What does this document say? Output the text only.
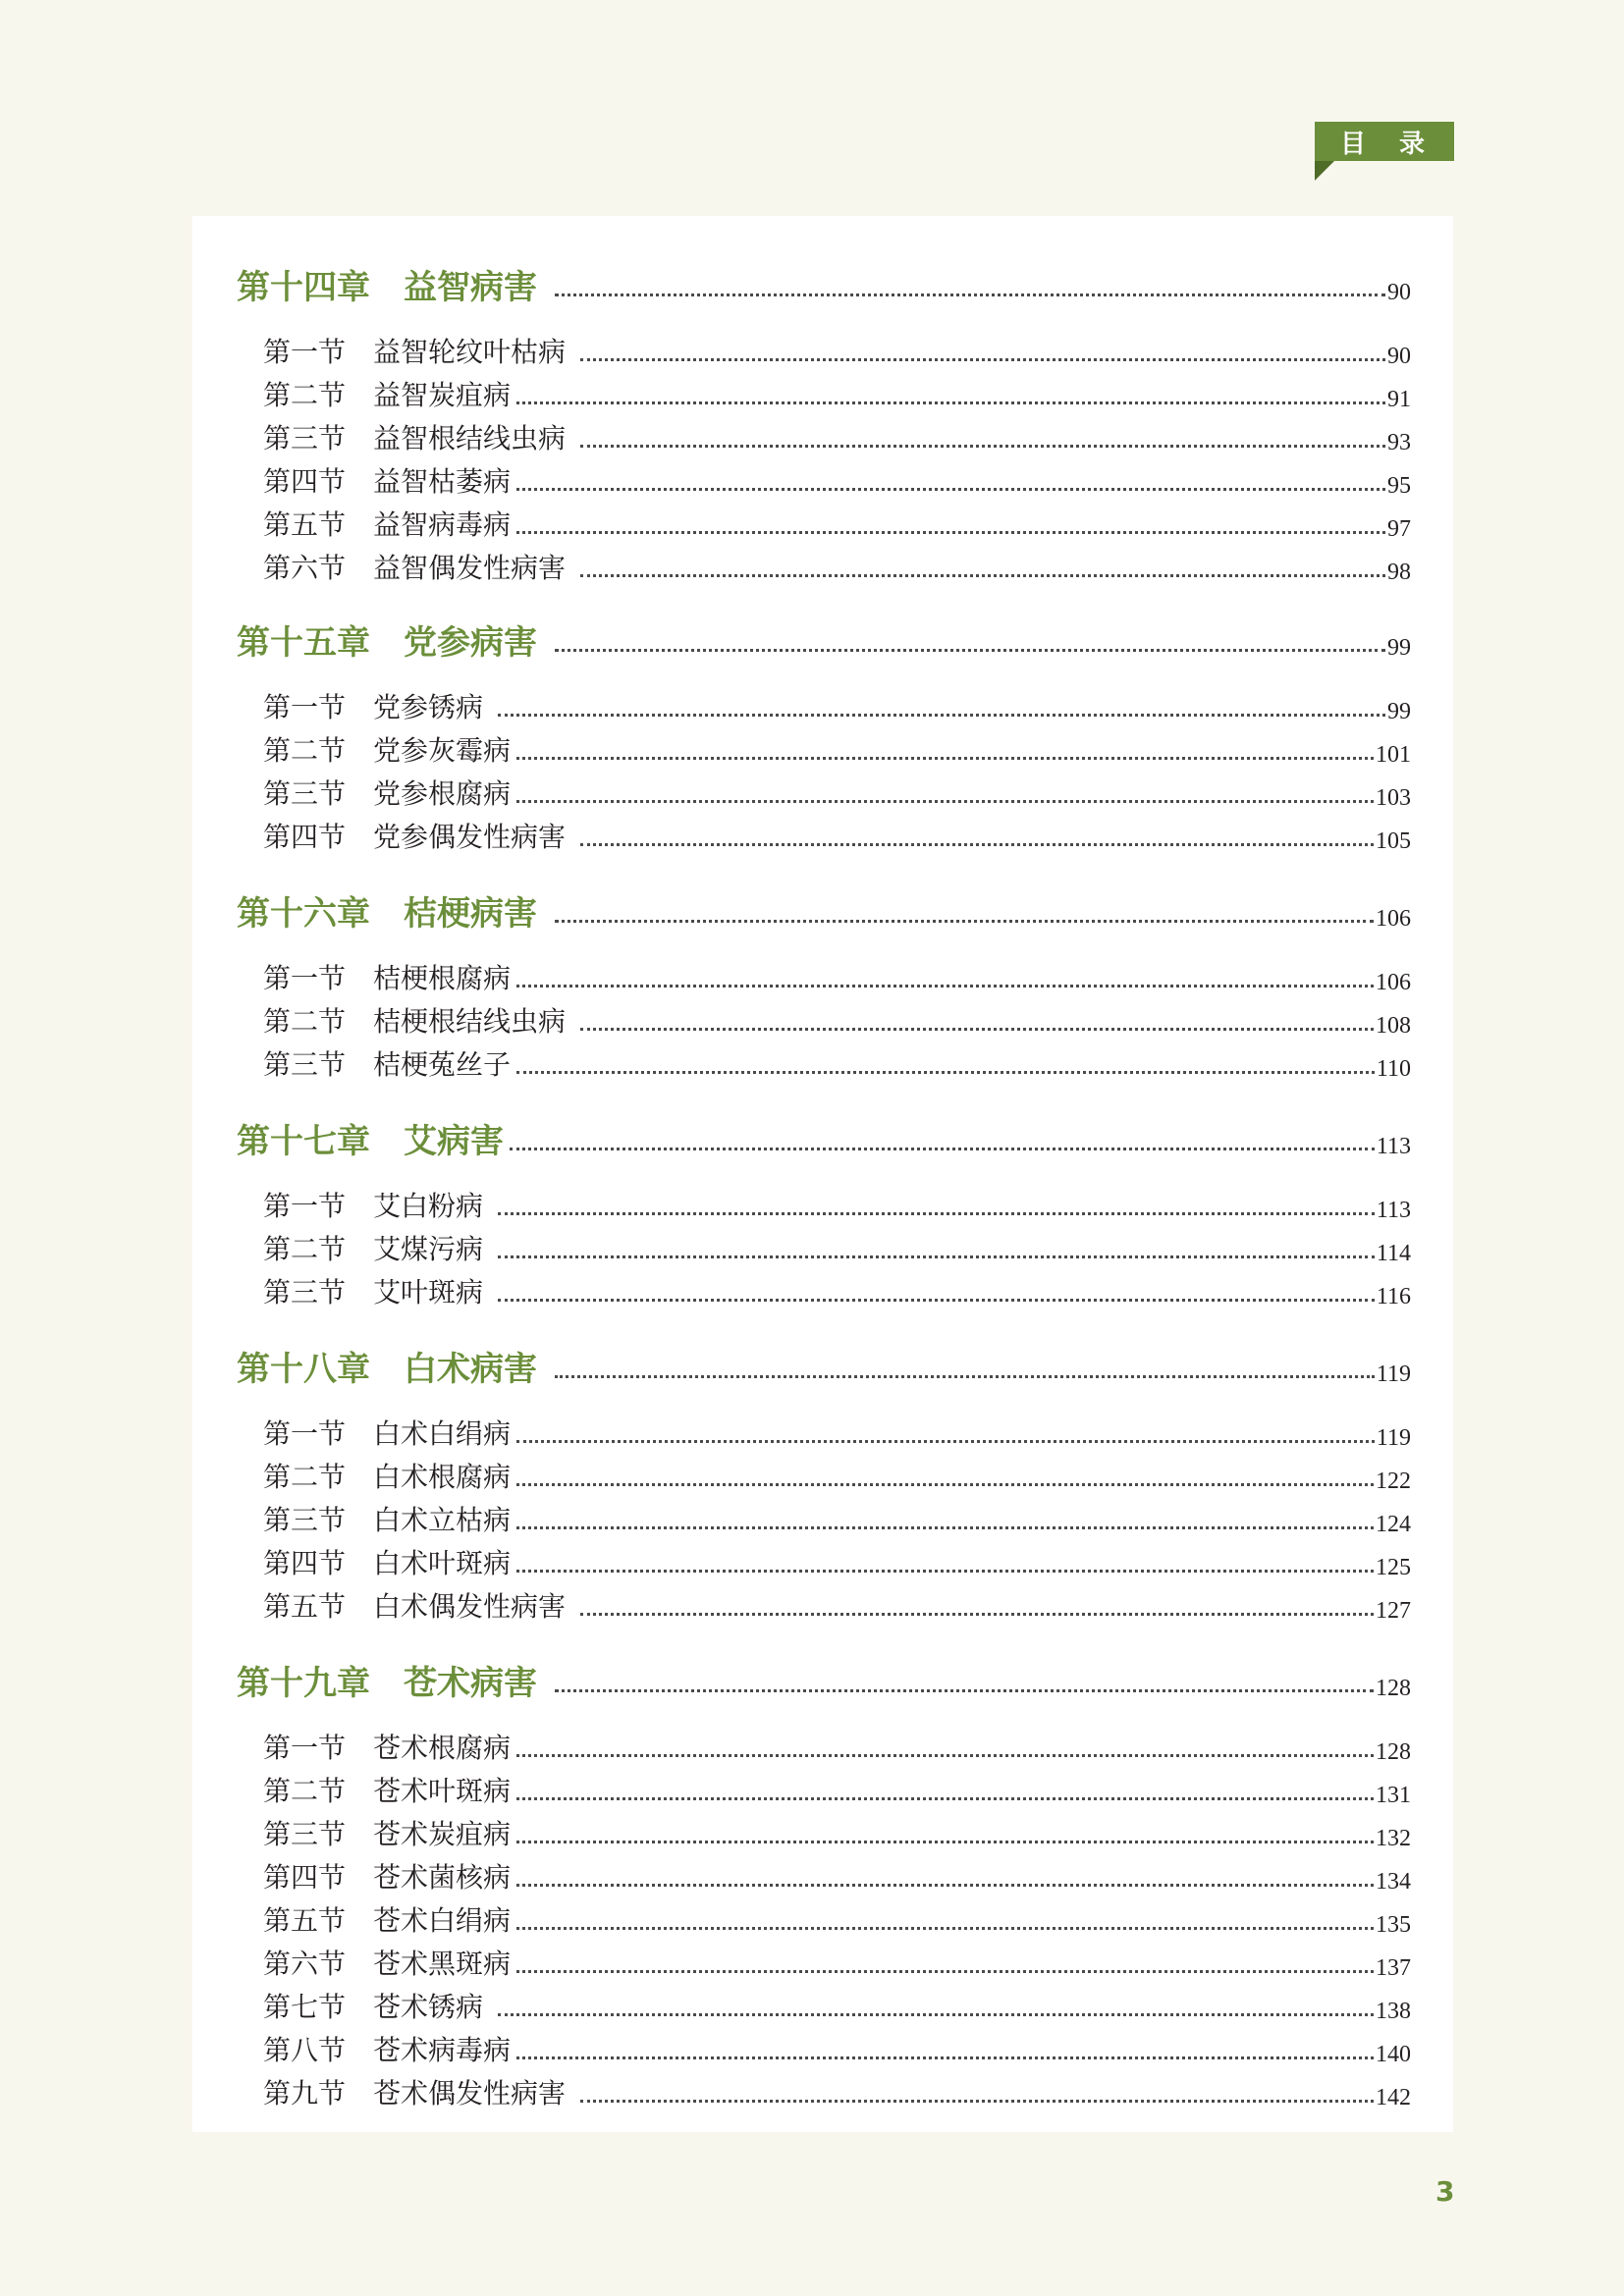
目　录
第十四章　益智病害	90
第一节　益智轮纹叶枯病	90
第二节　益智炭疽病	91
第三节　益智根结线虫病	93
第四节　益智枯萎病	95
第五节　益智病毒病	97
第六节　益智偶发性病害	98
第十五章　党参病害	99
第一节　党参锈病	99
第二节　党参灰霉病	101
第三节　党参根腐病	103
第四节　党参偶发性病害	105
第十六章　桔梗病害	106
第一节　桔梗根腐病	106
第二节　桔梗根结线虫病	108
第三节　桔梗菟丝子	110
第十七章　艾病害	113
第一节　艾白粉病	113
第二节　艾煤污病	114
第三节　艾叶斑病	116
第十八章　白术病害	119
第一节　白术白绢病	119
第二节　白术根腐病	122
第三节　白术立枯病	124
第四节　白术叶斑病	125
第五节　白术偶发性病害	127
第十九章　苍术病害	128
第一节　苍术根腐病	128
第二节　苍术叶斑病	131
第三节　苍术炭疽病	132
第四节　苍术菌核病	134
第五节　苍术白绢病	135
第六节　苍术黑斑病	137
第七节　苍术锈病	138
第八节　苍术病毒病	140
第九节　苍术偶发性病害	142
3
